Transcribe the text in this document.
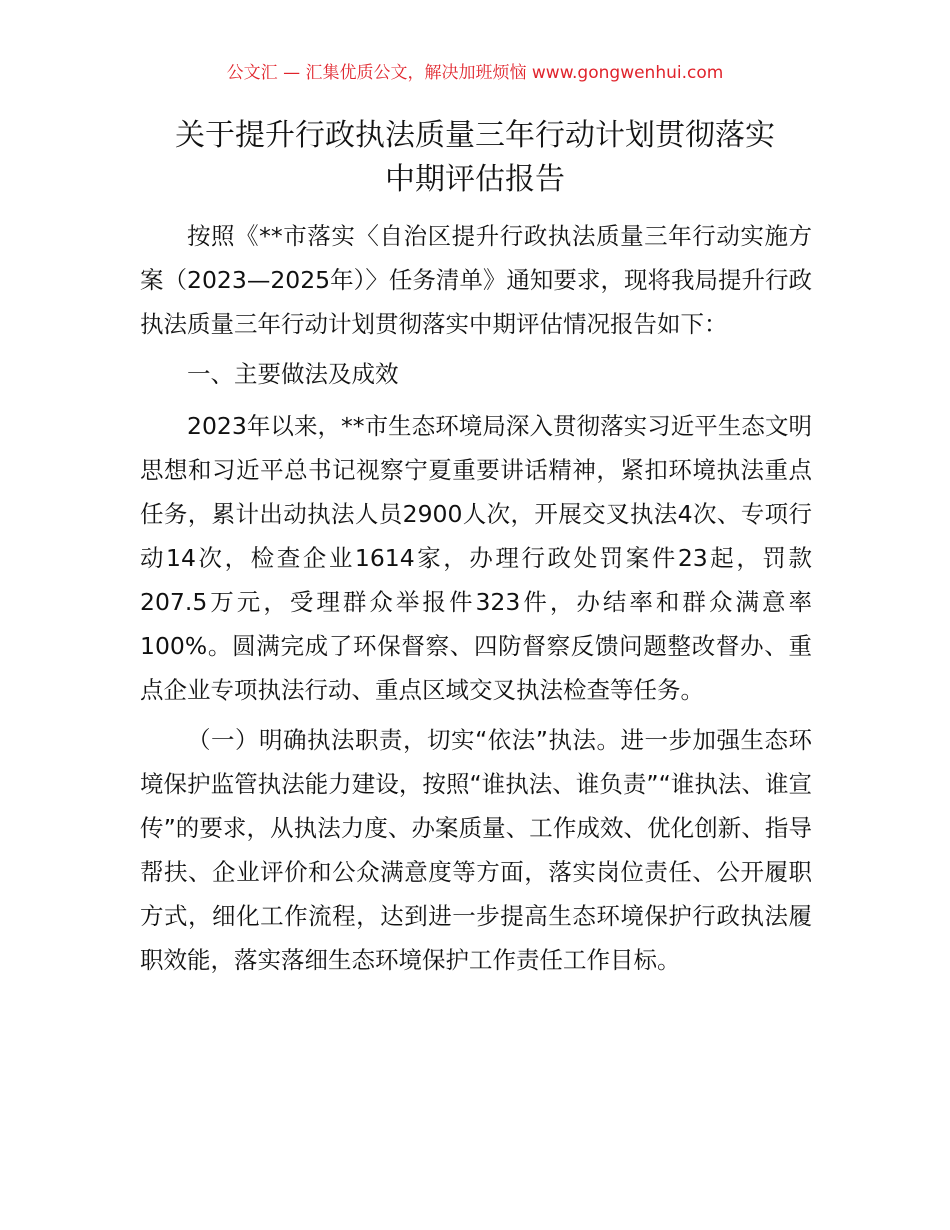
公文汇 — 汇集优质公文，解决加班烦恼 www.gongwenhui.com
关于提升行政执法质量三年行动计划贯彻落实
中期评估报告

按照《**市落实〈自治区提升行政执法质量三年行动实施方案（2023—2025年）〉任务清单》通知要求，现将我局提升行政执法质量三年行动计划贯彻落实中期评估情况报告如下：

一、主要做法及成效

2023年以来，**市生态环境局深入贯彻落实习近平生态文明思想和习近平总书记视察宁夏重要讲话精神，紧扣环境执法重点任务，累计出动执法人员2900人次，开展交叉执法4次、专项行动14次，检查企业1614家，办理行政处罚案件23起，罚款207.5万元，受理群众举报件323件，办结率和群众满意率100%。圆满完成了环保督察、四防督察反馈问题整改督办、重点企业专项执法行动、重点区域交叉执法检查等任务。

（一）明确执法职责，切实“依法”执法。进一步加强生态环境保护监管执法能力建设，按照“谁执法、谁负责”“谁执法、谁宣传”的要求，从执法力度、办案质量、工作成效、优化创新、指导帮扶、企业评价和公众满意度等方面，落实岗位责任、公开履职方式，细化工作流程，达到进一步提高生态环境保护行政执法履职效能，落实落细生态环境保护工作责任工作目标。
